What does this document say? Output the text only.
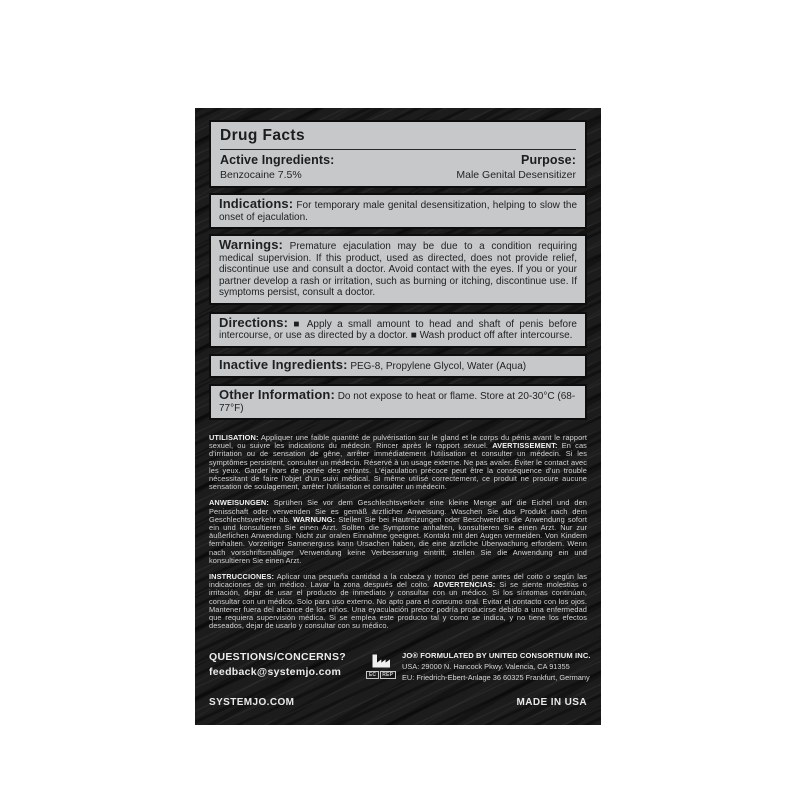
Drug Facts
Active Ingredients:
Benzocaine 7.5%
Purpose:
Male Genital Desensitizer

Indications: For temporary male genital desensitization, helping to slow the onset of ejaculation.

Warnings: Premature ejaculation may be due to a condition requiring medical supervision. If this product, used as directed, does not provide relief, discontinue use and consult a doctor. Avoid contact with the eyes. If you or your partner develop a rash or irritation, such as burning or itching, discontinue use. If symptoms persist, consult a doctor.

Directions: ■ Apply a small amount to head and shaft of penis before intercourse, or use as directed by a doctor. ■ Wash product off after intercourse.

Inactive Ingredients: PEG-8, Propylene Glycol, Water (Aqua)

Other Information: Do not expose to heat or flame. Store at 20-30°C (68-77°F)

UTILISATION: Appliquer une faible quantité de pulvérisation sur le gland et le corps du pénis avant le rapport sexuel, ou suivre les indications du médecin. Rincer après le rapport sexuel. AVERTISSEMENT: En cas d'irritation ou de sensation de gêne, arrêter immédiatement l'utilisation et consulter un médecin. Si les symptômes persistent, consulter un médecin. Réservé à un usage externe. Ne pas avaler. Éviter le contact avec les yeux. Garder hors de portée des enfants. L'éjaculation précoce peut être la conséquence d'un trouble nécessitant de faire l'objet d'un suivi médical. Si même utilisé correctement, ce produit ne procure aucune sensation de soulagement, arrêter l'utilisation et consulter un médecin.

ANWEISUNGEN: Sprühen Sie vor dem Geschlechtsverkehr eine kleine Menge auf die Eichel und den Penisschaft oder verwenden Sie es gemäß ärztlicher Anweisung. Waschen Sie das Produkt nach dem Geschlechtsverkehr ab. WARNUNG: Stellen Sie bei Hautreizungen oder Beschwerden die Anwendung sofort ein und konsultieren Sie einen Arzt. Sollten die Symptome anhalten, konsultieren Sie einen Arzt. Nur zur äußerlichen Anwendung. Nicht zur oralen Einnahme geeignet. Kontakt mit den Augen vermeiden. Von Kindern fernhalten. Vorzeitiger Samenerguss kann Ursachen haben, die eine ärztliche Überwachung erfordern. Wenn nach vorschriftsmäßiger Verwendung keine Verbesserung eintritt, stellen Sie die Anwendung ein und konsultieren Sie einen Arzt.

INSTRUCCIONES: Aplicar una pequeña cantidad a la cabeza y tronco del pene antes del coito o según las indicaciones de un médico. Lavar la zona después del coito. ADVERTENCIAS: Si se siente molestias o irritación, dejar de usar el producto de inmediato y consultar con un médico. Si los síntomas continúan, consultar con un médico. Solo para uso externo. No apto para el consumo oral. Evitar el contacto con los ojos. Mantener fuera del alcance de los niños. Una eyaculación precoz podría producirse debido a una enfermedad que requiera supervisión médica. Si se emplea este producto tal y como se indica, y no tiene los efectos deseados, dejar de usarlo y consultar con su médico.

QUESTIONS/CONCERNS?
feedback@systemjo.com	EC	REP
JO® FORMULATED BY UNITED CONSORTIUM INC.
USA: 29000 N. Hancock Pkwy. Valencia, CA 91355
EU: Friedrich-Ebert-Anlage 36 60325 Frankfurt, Germany
SYSTEMJO.COM	MADE IN USA
